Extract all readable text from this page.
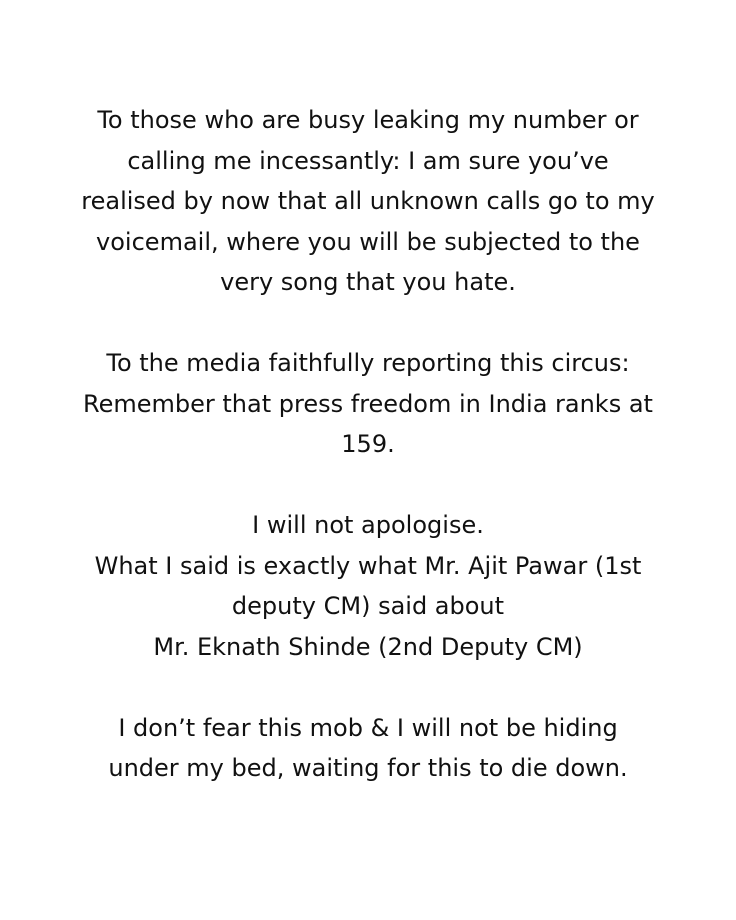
To those who are busy leaking my number or
calling me incessantly: I am sure you’ve
realised by now that all unknown calls go to my
voicemail, where you will be subjected to the
very song that you hate.

To the media faithfully reporting this circus:
Remember that press freedom in India ranks at
159.

I will not apologise.
What I said is exactly what Mr. Ajit Pawar (1st
deputy CM) said about
Mr. Eknath Shinde (2nd Deputy CM)

I don’t fear this mob & I will not be hiding
under my bed, waiting for this to die down.
